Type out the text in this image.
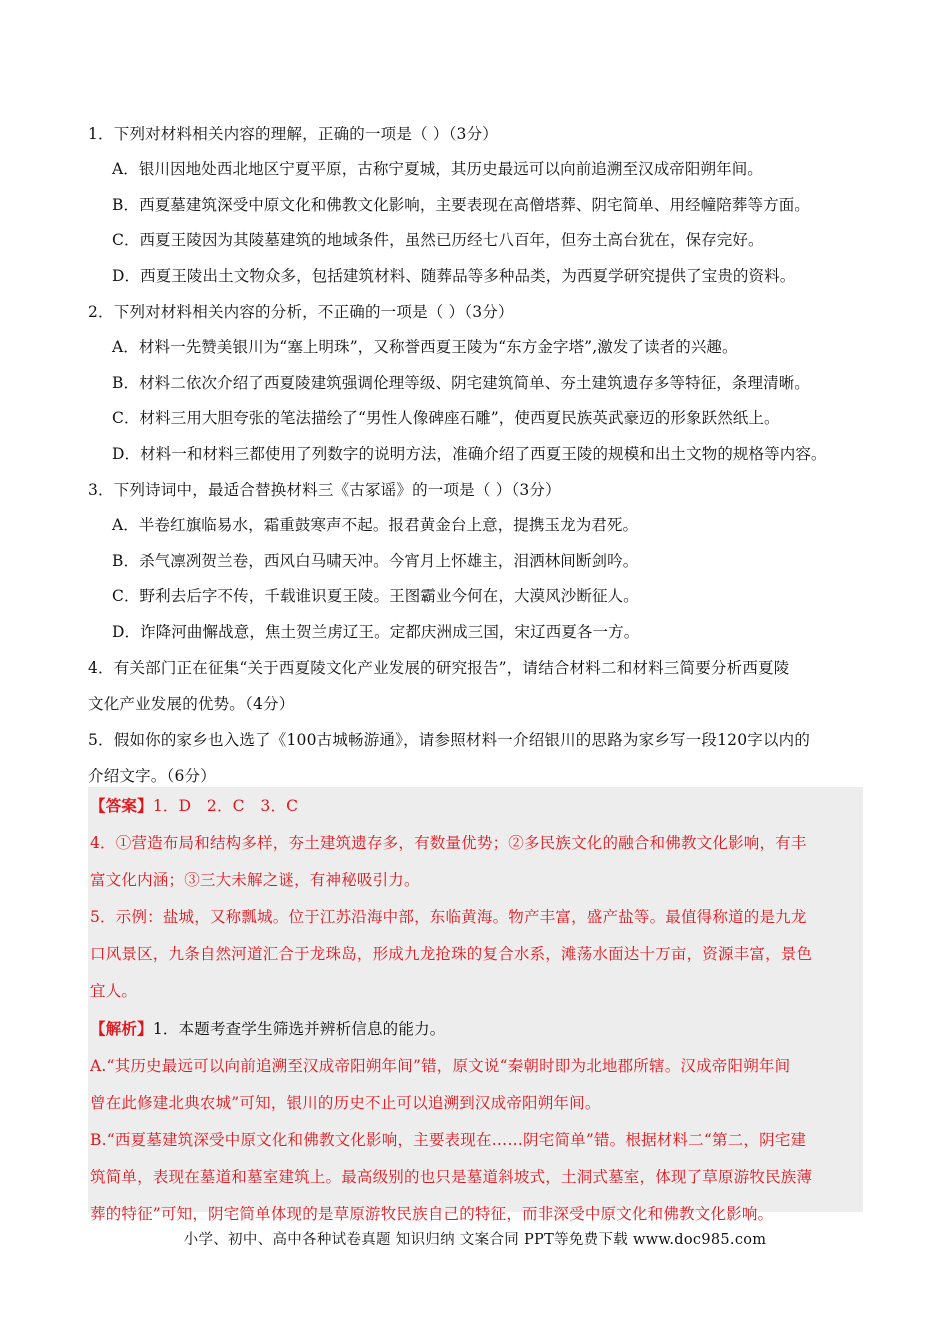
1．下列对材料相关内容的理解，正确的一项是（ ）（3分）
A．银川因地处西北地区宁夏平原，古称宁夏城，其历史最远可以向前追溯至汉成帝阳朔年间。
B．西夏墓建筑深受中原文化和佛教文化影响，主要表现在高僧塔葬、阴宅简单、用经幢陪葬等方面。
C．西夏王陵因为其陵墓建筑的地域条件，虽然已历经七八百年，但夯土高台犹在，保存完好。
D．西夏王陵出土文物众多，包括建筑材料、随葬品等多种品类，为西夏学研究提供了宝贵的资料。
2．下列对材料相关内容的分析，不正确的一项是（ ）（3分）
A．材料一先赞美银川为“塞上明珠”，又称誉西夏王陵为“东方金字塔”,激发了读者的兴趣。
B．材料二依次介绍了西夏陵建筑强调伦理等级、阴宅建筑简单、夯土建筑遗存多等特征，条理清晰。
C．材料三用大胆夸张的笔法描绘了“男性人像碑座石雕”，使西夏民族英武豪迈的形象跃然纸上。
D．材料一和材料三都使用了列数字的说明方法，准确介绍了西夏王陵的规模和出土文物的规格等内容。
3．下列诗词中，最适合替换材料三《古冢谣》的一项是（ ）（3分）
A．半卷红旗临易水，霜重鼓寒声不起。报君黄金台上意，提携玉龙为君死。
B．杀气凛冽贺兰卷，西风白马啸天冲。今宵月上怀雄主，泪洒林间断剑吟。
C．野利去后字不传，千载谁识夏王陵。王图霸业今何在，大漠风沙断征人。
D．诈降河曲懈战意，焦土贺兰虏辽王。定都庆洲成三国，宋辽西夏各一方。
4．有关部门正在征集“关于西夏陵文化产业发展的研究报告”，请结合材料二和材料三简要分析西夏陵
文化产业发展的优势。（4分）
5．假如你的家乡也入选了《100古城畅游通》，请参照材料一介绍银川的思路为家乡写一段120字以内的
介绍文字。（6分）
【答案】1．D　2．C　3．C
4．①营造布局和结构多样，夯土建筑遗存多，有数量优势；②多民族文化的融合和佛教文化影响，有丰
富文化内涵；③三大未解之谜，有神秘吸引力。
5．示例：盐城，又称瓢城。位于江苏沿海中部，东临黄海。物产丰富，盛产盐等。最值得称道的是九龙
口风景区，九条自然河道汇合于龙珠岛，形成九龙抢珠的复合水系，滩荡水面达十万亩，资源丰富，景色
宜人。
【解析】1．本题考查学生筛选并辨析信息的能力。
A.“其历史最远可以向前追溯至汉成帝阳朔年间”错，原文说“秦朝时即为北地郡所辖。汉成帝阳朔年间
曾在此修建北典农城”可知，银川的历史不止可以追溯到汉成帝阳朔年间。
B.“西夏墓建筑深受中原文化和佛教文化影响，主要表现在……阴宅简单”错。根据材料二“第二，阴宅建
筑简单，表现在墓道和墓室建筑上。最高级别的也只是墓道斜坡式，土洞式墓室，体现了草原游牧民族薄
葬的特征”可知，阴宅简单体现的是草原游牧民族自己的特征，而非深受中原文化和佛教文化影响。
小学、初中、高中各种试卷真题 知识归纳 文案合同 PPT等免费下载 www.doc985.com
